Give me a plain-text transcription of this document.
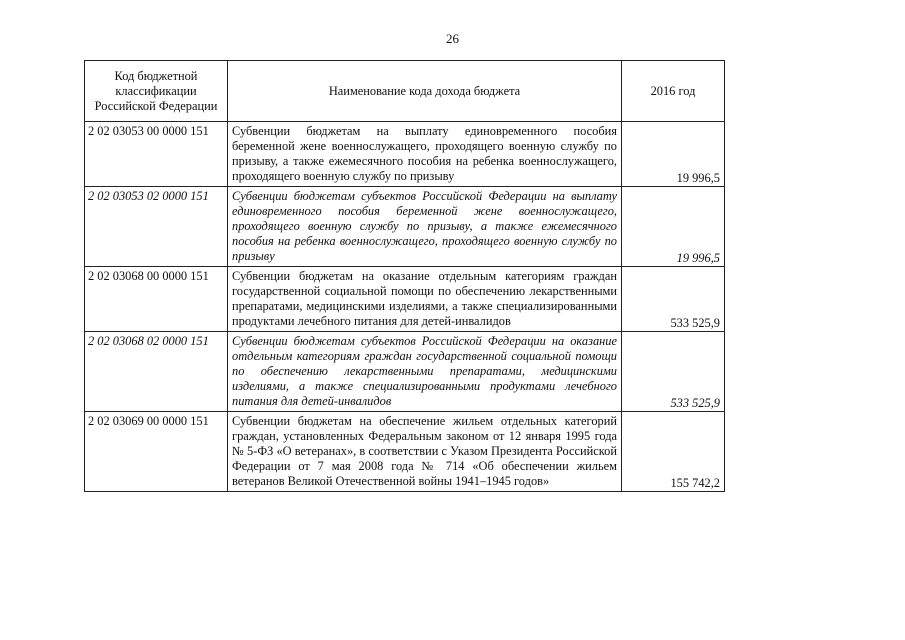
26
Код бюджетной классификации Российской Федерации	Наименование кода дохода бюджета	2016 год
2 02 03053 00 0000 151	Субвенции бюджетам на выплату единовременного пособия беременной жене военнослужащего, проходящего военную службу по призыву, а также ежемесячного пособия на ребенка военнослужащего, проходящего военную службу по призыву	19 996,5
2 02 03053 02 0000 151	Субвенции бюджетам субъектов Российской Федерации на выплату единовременного пособия беременной жене военнослужащего, проходящего военную службу по призыву, а также ежемесячного пособия на ребенка военнослужащего, проходящего военную службу по призыву	19 996,5
2 02 03068 00 0000 151	Субвенции бюджетам на оказание отдельным категориям граждан государственной социальной помощи по обеспечению лекарственными препаратами, медицинскими изделиями, а также специализированными продуктами лечебного питания для детей-инвалидов	533 525,9
2 02 03068 02 0000 151	Субвенции бюджетам субъектов Российской Федерации на оказание отдельным категориям граждан государственной социальной помощи по обеспечению лекарственными препаратами, медицинскими изделиями, а также специализированными продуктами лечебного питания для детей-инвалидов	533 525,9
2 02 03069 00 0000 151	Субвенции бюджетам на обеспечение жильем отдельных категорий граждан, установленных Федеральным законом от 12 января 1995 года № 5-ФЗ «О ветеранах», в соответствии с Указом Президента Российской Федерации от 7 мая 2008 года № 714 «Об обеспечении жильем ветеранов Великой Отечественной войны 1941–1945 годов»	155 742,2
